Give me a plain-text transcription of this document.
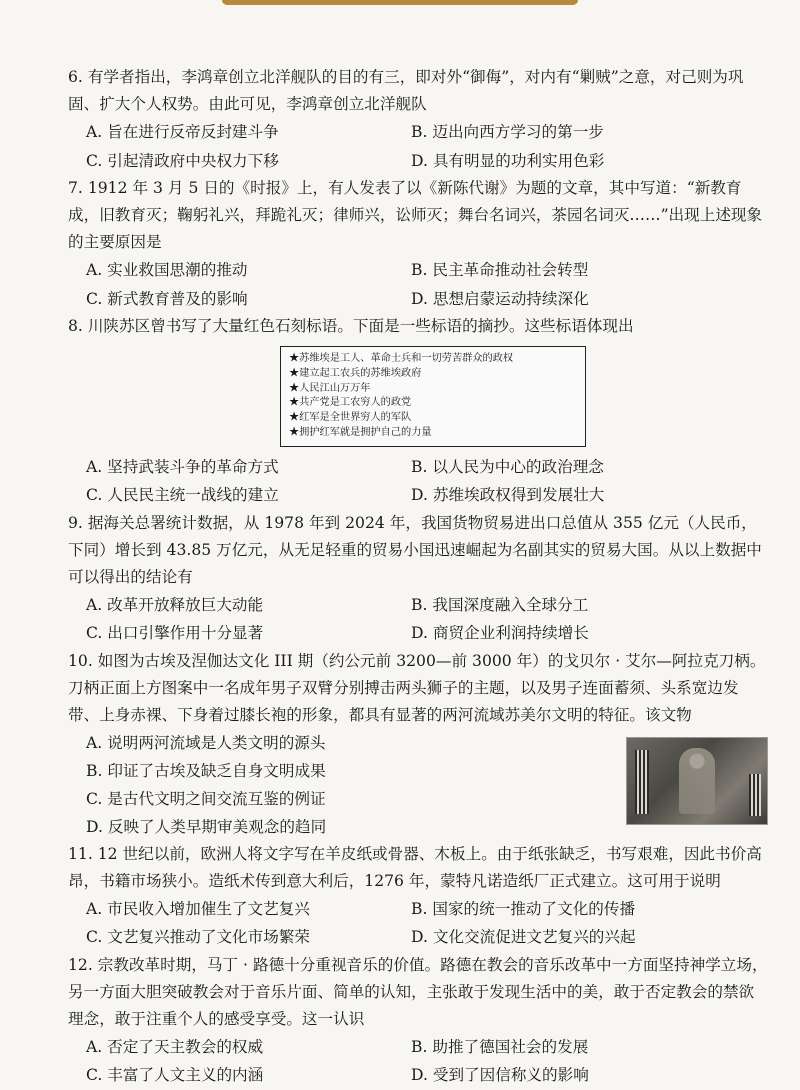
6. 有学者指出，李鸿章创立北洋舰队的目的有三，即对外“御侮”，对内有“剿贼”之意，对己则为巩固、扩大个人权势。由此可见，李鸿章创立北洋舰队

A. 旨在进行反帝反封建斗争	B. 迈出向西方学习的第一步
C. 引起清政府中央权力下移	D. 具有明显的功利实用色彩

7. 1912 年 3 月 5 日的《时报》上，有人发表了以《新陈代谢》为题的文章，其中写道：“新教育成，旧教育灭；鞠躬礼兴，拜跪礼灭；律师兴，讼师灭；舞台名词兴，茶园名词灭……”出现上述现象的主要原因是

A. 实业救国思潮的推动	B. 民主革命推动社会转型
C. 新式教育普及的影响	D. 思想启蒙运动持续深化

8. 川陕苏区曾书写了大量红色石刻标语。下面是一些标语的摘抄。这些标语体现出

★苏维埃是工人、革命士兵和一切劳苦群众的政权
★建立起工农兵的苏维埃政府
★人民江山万万年
★共产党是工农穷人的政党
★红军是全世界穷人的军队
★拥护红军就是拥护自己的力量
A. 坚持武装斗争的革命方式	B. 以人民为中心的政治理念
C. 人民民主统一战线的建立	D. 苏维埃政权得到发展壮大

9. 据海关总署统计数据，从 1978 年到 2024 年，我国货物贸易进出口总值从 355 亿元（人民币，下同）增长到 43.85 万亿元，从无足轻重的贸易小国迅速崛起为名副其实的贸易大国。从以上数据中可以得出的结论有

A. 改革开放释放巨大动能	B. 我国深度融入全球分工
C. 出口引擎作用十分显著	D. 商贸企业利润持续增长

10. 如图为古埃及涅伽达文化 III 期（约公元前 3200—前 3000 年）的戈贝尔 · 艾尔—阿拉克刀柄。刀柄正面上方图案中一名成年男子双臂分别搏击两头狮子的主题，以及男子连面蓄须、头系宽边发带、上身赤裸、下身着过膝长袍的形象，都具有显著的两河流域苏美尔文明的特征。该文物

A. 说明两河流域是人类文明的源头
B. 印证了古埃及缺乏自身文明成果
C. 是古代文明之间交流互鉴的例证
D. 反映了人类早期审美观念的趋同

11. 12 世纪以前，欧洲人将文字写在羊皮纸或骨器、木板上。由于纸张缺乏，书写艰难，因此书价高昂，书籍市场狭小。造纸术传到意大利后，1276 年，蒙特凡诺造纸厂正式建立。这可用于说明

A. 市民收入增加催生了文艺复兴	B. 国家的统一推动了文化的传播
C. 文艺复兴推动了文化市场繁荣	D. 文化交流促进文艺复兴的兴起

12. 宗教改革时期，马丁 · 路德十分重视音乐的价值。路德在教会的音乐改革中一方面坚持神学立场，另一方面大胆突破教会对于音乐片面、简单的认知，主张敢于发现生活中的美，敢于否定教会的禁欲理念，敢于注重个人的感受享受。这一认识

A. 否定了天主教会的权威	B. 助推了德国社会的发展
C. 丰富了人文主义的内涵	D. 受到了因信称义的影响
